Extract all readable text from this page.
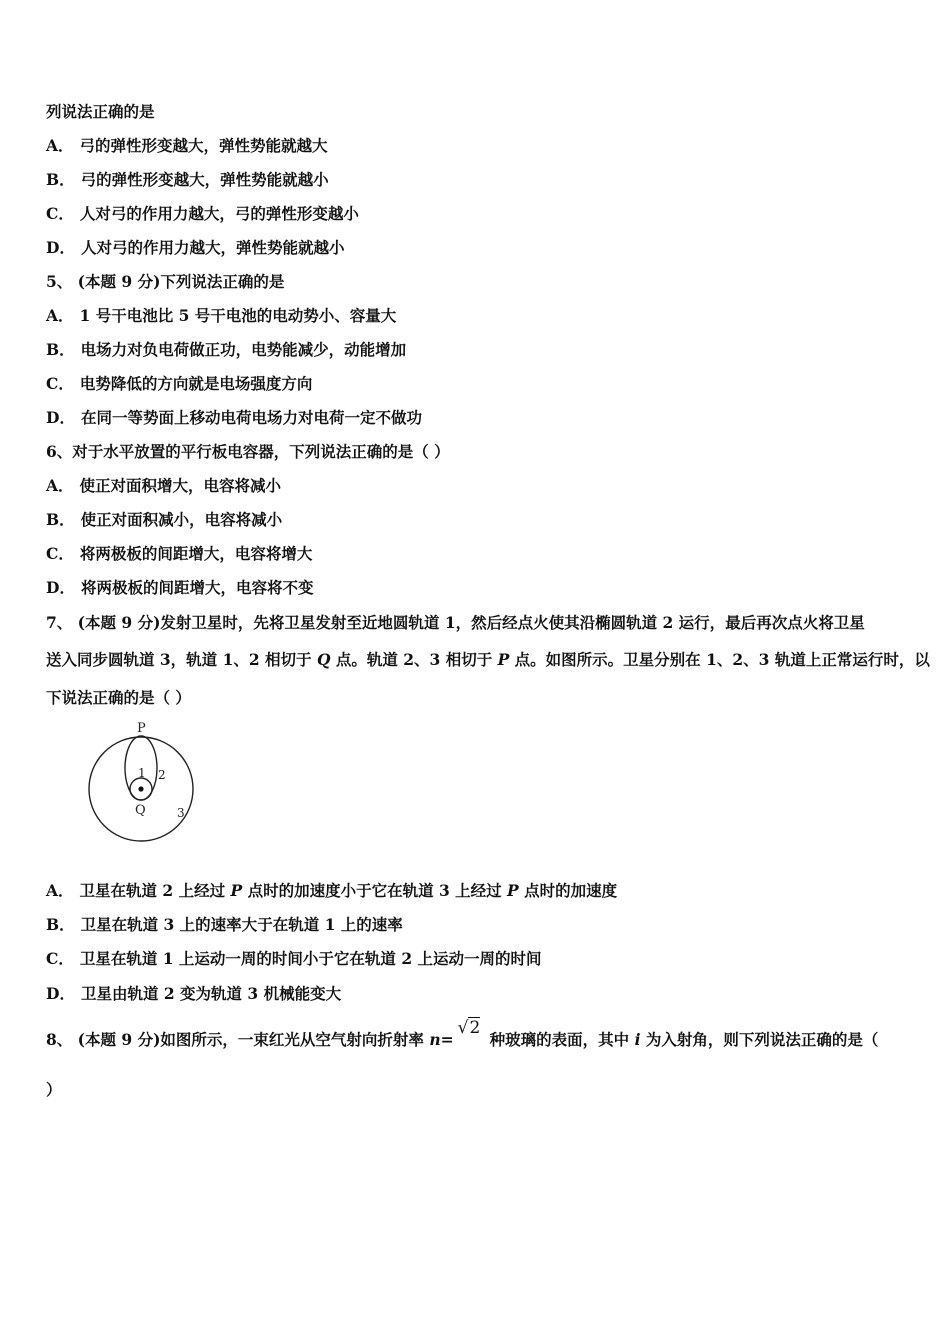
列说法正确的是
A． 弓的弹性形变越大，弹性势能就越大
B． 弓的弹性形变越大，弹性势能就越小
C． 人对弓的作用力越大，弓的弹性形变越小
D． 人对弓的作用力越大，弹性势能就越小
5、 (本题 9 分)下列说法正确的是
A． 1 号干电池比 5 号干电池的电动势小、容量大
B． 电场力对负电荷做正功，电势能减少，动能增加
C． 电势降低的方向就是电场强度方向
D． 在同一等势面上移动电荷电场力对电荷一定不做功
6、对于水平放置的平行板电容器，下列说法正确的是（ ）
A． 使正对面积增大，电容将减小
B． 使正对面积减小，电容将减小
C． 将两极板的间距增大，电容将增大
D． 将两极板的间距增大，电容将不变
7、 (本题 9 分)发射卫星时，先将卫星发射至近地圆轨道 1，然后经点火使其沿椭圆轨道 2 运行，最后再次点火将卫星
送入同步圆轨道 3，轨道 1、2 相切于 Q 点。轨道 2、3 相切于 P 点。如图所示。卫星分别在 1、2、3 轨道上正常运行时，以
下说法正确的是（ ）
P
1 2
Q	3
A． 卫星在轨道 2 上经过 P 点时的加速度小于它在轨道 3 上经过 P 点时的加速度
B． 卫星在轨道 3 上的速率大于在轨道 1 上的速率
C． 卫星在轨道 1 上运动一周的时间小于它在轨道 2 上运动一周的时间
D． 卫星由轨道 2 变为轨道 3 机械能变大
8、 (本题 9 分)如图所示，一束红光从空气射向折射率 n=√2 种玻璃的表面，其中 i 为入射角，则下列说法正确的是（
）
